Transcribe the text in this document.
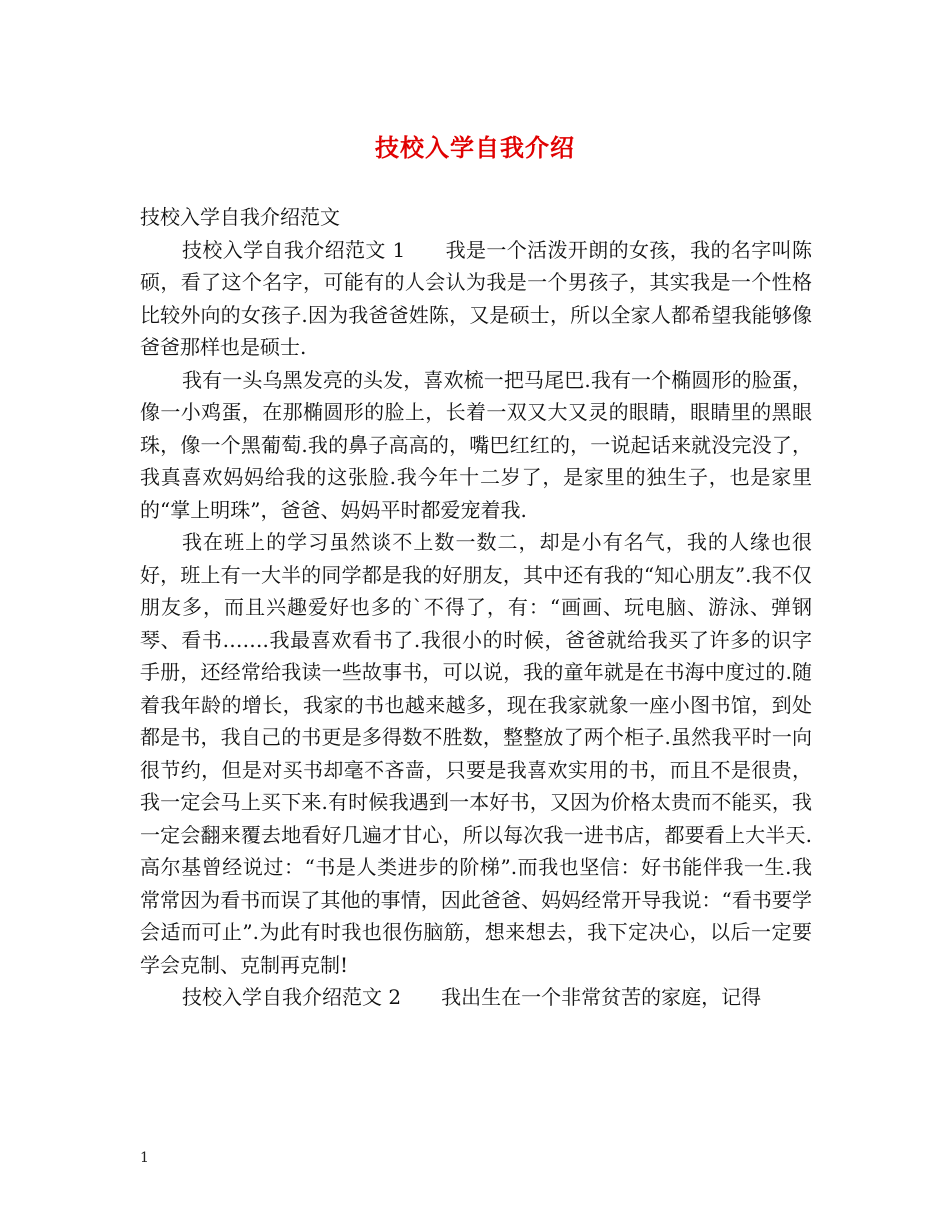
技校入学自我介绍

技校入学自我介绍范文

技校入学自我介绍范文 1 我是一个活泼开朗的女孩，我的名字叫陈硕，看了这个名字，可能有的人会认为我是一个男孩子，其实我是一个性格比较外向的女孩子.因为我爸爸姓陈，又是硕士，所以全家人都希望我能够像爸爸那样也是硕士.

我有一头乌黑发亮的头发，喜欢梳一把马尾巴.我有一个椭圆形的脸蛋，像一小鸡蛋，在那椭圆形的脸上，长着一双又大又灵的眼睛，眼睛里的黑眼珠，像一个黑葡萄.我的鼻子高高的，嘴巴红红的，一说起话来就没完没了，我真喜欢妈妈给我的这张脸.我今年十二岁了，是家里的独生子，也是家里的“掌上明珠”，爸爸、妈妈平时都爱宠着我.

我在班上的学习虽然谈不上数一数二，却是小有名气，我的人缘也很好，班上有一大半的同学都是我的好朋友，其中还有我的“知心朋友”.我不仅朋友多，而且兴趣爱好也多的`不得了，有：“画画、玩电脑、游泳、弹钢琴、看书…….我最喜欢看书了.我很小的时候，爸爸就给我买了许多的识字手册，还经常给我读一些故事书，可以说，我的童年就是在书海中度过的.随着我年龄的增长，我家的书也越来越多，现在我家就象一座小图书馆，到处都是书，我自己的书更是多得数不胜数，整整放了两个柜子.虽然我平时一向很节约，但是对买书却毫不吝啬，只要是我喜欢实用的书，而且不是很贵，我一定会马上买下来.有时候我遇到一本好书，又因为价格太贵而不能买，我一定会翻来覆去地看好几遍才甘心，所以每次我一进书店，都要看上大半天.高尔基曾经说过：“书是人类进步的阶梯”.而我也坚信：好书能伴我一生.我常常因为看书而误了其他的事情，因此爸爸、妈妈经常开导我说：“看书要学会适而可止”.为此有时我也很伤脑筋，想来想去，我下定决心，以后一定要学会克制、克制再克制!

技校入学自我介绍范文 2 我出生在一个非常贫苦的家庭，记得

1
